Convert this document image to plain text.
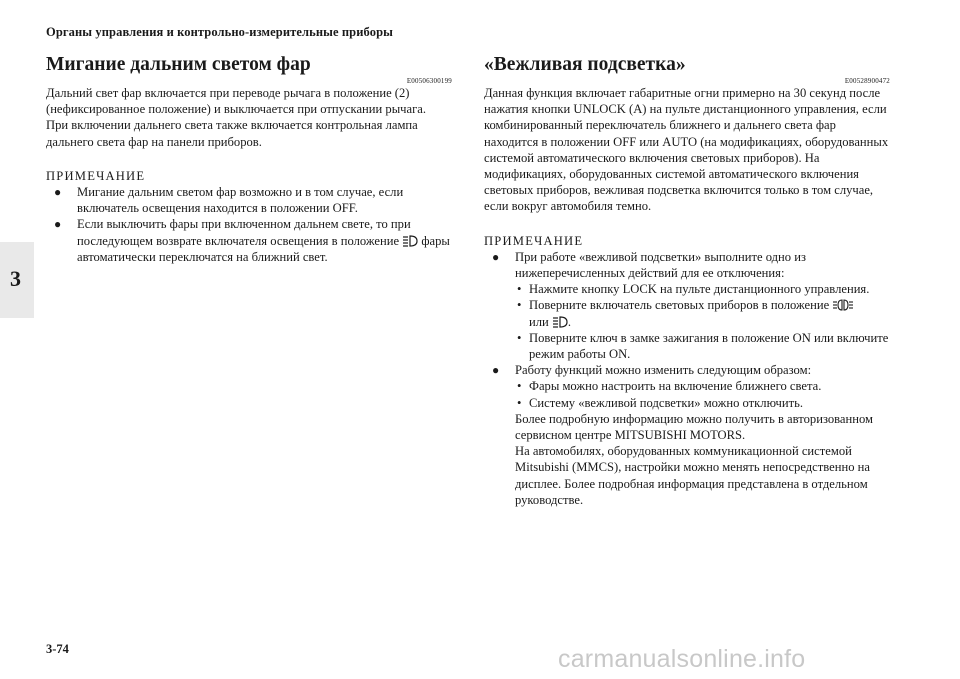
Органы управления и контрольно-измерительные приборы
3
Мигание дальним светом фар
E00506300199

Дальний свет фар включается при переводе рычага в положение (2) (нефиксированное положение) и выключается при отпускании рычага.

При включении дальнего света также включается контрольная лампа дальнего света фар на панели приборов.

ПРИМЕЧАНИЕ

● Мигание дальним светом фар возможно и в том случае, если включатель освещения находится в положении OFF.
● Если выключить фары при включенном дальнем свете, то при последующем возврате включателя освещения в положение фары автоматически переключатся на ближний свет.
«Вежливая подсветка»
E00528900472

Данная функция включает габаритные огни примерно на 30 секунд после нажатия кнопки UNLOCK (A) на пульте дистанционного управления, если комбинированный переключатель ближнего и дальнего света фар находится в положении OFF или AUTO (на модификациях, оборудованных системой автоматического включения световых приборов). На модификациях, оборудованных системой автоматического включения световых приборов, вежливая подсветка включится только в том случае, если вокруг автомобиля темно.

ПРИМЕЧАНИЕ

● При работе «вежливой подсветки» выполните одно из нижеперечисленных действий для ее отключения:
• Нажмите кнопку LOCK на пульте дистанционного управления.
• Поверните включатель световых приборов в положение
или .
• Поверните ключ в замке зажигания в положение ON или включите режим работы ON.
● Работу функций можно изменить следующим образом:
• Фары можно настроить на включение ближнего света.
• Систему «вежливой подсветки» можно отключить.

Более подробную информацию можно получить в авторизованном сервисном центре MITSUBISHI MOTORS.

На автомобилях, оборудованных коммуникационной системой Mitsubishi (MMCS), настройки можно менять непосредственно на дисплее. Более подробная информация представлена в отдельном руководстве.

3-74	carmanualsonline.info
